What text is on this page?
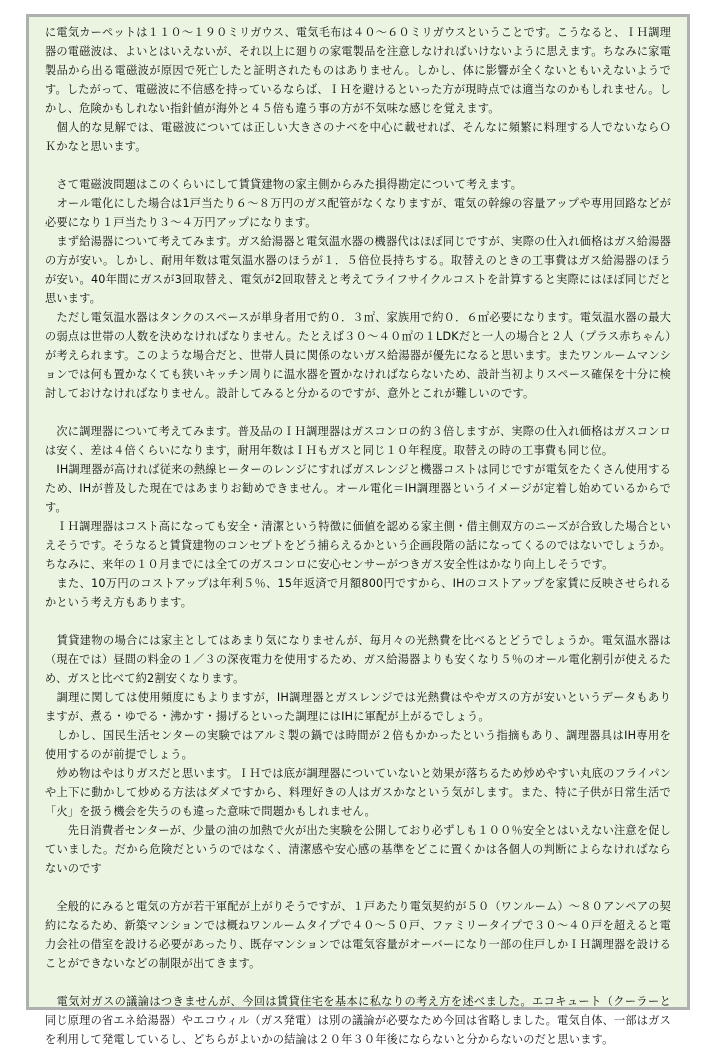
に電気カーペットは１１０～１９０ミリガウス、電気毛布は４０～６０ミリガウスということです。こうなると、ＩＨ調理器の電磁波は、よいとはいえないが、それ以上に廻りの家電製品を注意しなければいけないように思えます。ちなみに家電製品から出る電磁波が原因で死亡したと証明されたものはありません。しかし、体に影響が全くないともいえないようです。したがって、電磁波に不信感を持っているならば、ＩＨを避けるといった方が現時点では適当なのかもしれません。しかし、危険かもしれない指針値が海外と４５倍も違う事の方が不気味な感じを覚えます。

　個人的な見解では、電磁波については正しい大きさのナベを中心に載せれば、そんなに頻繁に料理する人でないならＯＫかなと思います。

　さて電磁波問題はこのくらいにして賃貸建物の家主側からみた損得勘定について考えます。

　オール電化にした場合は1戸当たり６～８万円のガス配管がなくなりますが、電気の幹線の容量アップや専用回路などが必要になり１戸当たり３～４万円アップになります。

　まず給湯器について考えてみます。ガス給湯器と電気温水器の機器代はほぼ同じですが、実際の仕入れ価格はガス給湯器の方が安い。しかし、耐用年数は電気温水器のほうが１．５倍位長持ちする。取替えのときの工事費はガス給湯器のほうが安い。40年間にガスが3回取替え、電気が2回取替えと考えてライフサイクルコストを計算すると実際にはほぼ同じだと思います。

　ただし電気温水器はタンクのスペースが単身者用で約０．３㎡、家族用で約０．６㎡必要になります。電気温水器の最大の弱点は世帯の人数を決めなければなりません。たとえば３０～４０㎡の１LDKだと一人の場合と２人（プラス赤ちゃん）が考えられます。このような場合だと、世帯人員に関係のないガス給湯器が優先になると思います。またワンルームマンションでは何も置かなくても狭いキッチン周りに温水器を置かなければならないため、設計当初よりスペース確保を十分に検討しておけなければなりません。設計してみると分かるのですが、意外とこれが難しいのです。

　次に調理器について考えてみます。普及品のＩＨ調理器はガスコンロの約３倍しますが、実際の仕入れ価格はガスコンロは安く、差は４倍くらいになります，耐用年数はＩＨもガスと同じ１０年程度。取替えの時の工事費も同じ位。

　IH調理器が高ければ従来の熱線ヒーターのレンジにすればガスレンジと機器コストは同じですが電気をたくさん使用するため、IHが普及した現在ではあまりお勧めできません。オール電化＝IH調理器というイメージが定着し始めているからです。

　ＩＨ調理器はコスト高になっても安全・清潔という特徴に価値を認める家主側・借主側双方のニーズが合致した場合といえそうです。そうなると賃貸建物のコンセプトをどう捕らえるかという企画段階の話になってくるのではないでしょうか。ちなみに、来年の１０月までには全てのガスコンロに安心センサーがつきガス安全性はかなり向上しそうです。

　また、10万円のコストアップは年利５％、15年返済で月額800円ですから、IHのコストアップを家賃に反映させられるかという考え方もあります。

　賃貸建物の場合には家主としてはあまり気になりませんが、毎月々の光熱費を比べるとどうでしょうか。電気温水器は（現在では）昼間の料金の１／３の深夜電力を使用するため、ガス給湯器よりも安くなり５％のオール電化割引が使えるため、ガスと比べて約2割安くなります。

　調理に関しては使用頻度にもよりますが，IH調理器とガスレンジでは光熱費はややガスの方が安いというデータもありますが、煮る・ゆでる・沸かす・揚げるといった調理にはIHに軍配が上がるでしょう。

　しかし、国民生活センターの実験ではアルミ製の鍋では時間が２倍もかかったという指摘もあり、調理器具はIH専用を使用するのが前提でしょう。

　炒め物はやはりガスだと思います。ＩＨでは底が調理器についていないと効果が落ちるため炒めやすい丸底のフライパンや上下に動かして炒める方法はダメですから、料理好きの人はガスかなという気がします。また、特に子供が日常生活で「火」を扱う機会を失うのも違った意味で問題かもしれません。

　　先日消費者センターが、少量の油の加熱で火が出た実験を公開しており必ずしも１００％安全とはいえない注意を促していました。だから危険だというのではなく、清潔感や安心感の基準をどこに置くかは各個人の判断によらなければならないのです

　全般的にみると電気の方が若干軍配が上がりそうですが、１戸あたり電気契約が５０（ワンルーム）～８０アンペアの契約になるため、新築マンションでは概ねワンルームタイプで４０～５０戸、ファミリータイプで３０～４０戸を超えると電力会社の借室を設ける必要があったり、既存マンションでは電気容量がオーバーになり一部の住戸しかＩＨ調理器を設けることができないなどの制限が出てきます。

　電気対ガスの議論はつきませんが、今回は賃貸住宅を基本に私なりの考え方を述べました。エコキュート（クーラーと同じ原理の省エネ給湯器）やエコウィル（ガス発電）は別の議論が必要なため今回は省略しました。電気自体、一部はガスを利用して発電しているし、どちらがよいかの結論は２０年３０年後にならないと分からないのだと思います。
